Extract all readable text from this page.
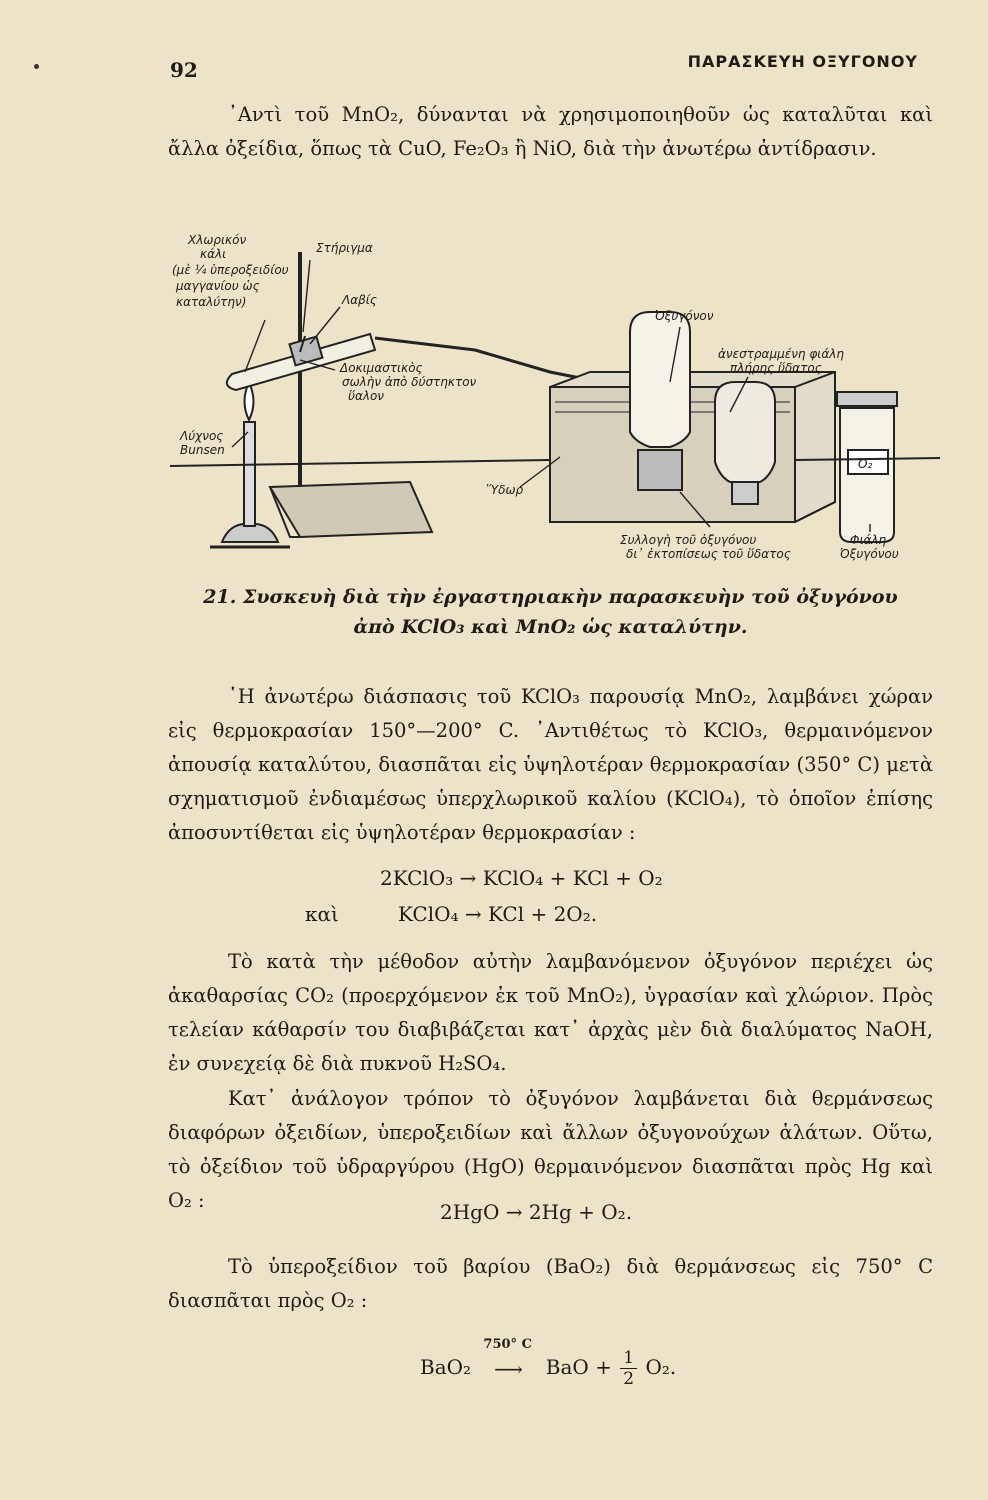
92	ΠΑΡΑΣΚΕΥΗ ΟΞΥΓΟΝΟΥ

᾿Αντὶ τοῦ MnO₂, δύνανται νὰ χρησιμοποιηθοῦν ὡς καταλῦται καὶ ἄλλα ὀξείδια, ὅπως τὰ CuO, Fe₂O₃ ἢ NiO, διὰ τὴν ἀνωτέρω ἀντίδρασιν.

Χλωρικόν
κάλι
(μὲ ¼ ὑπεροξειδίου
μαγγανίου ὡς
καταλύτην)
Στήριγμα
Λαβίς
Δοκιμαστικὸς
σωλὴν ἀπὸ δύστηκτον
ὕαλον
Λύχνος
Bunsen
Ὀξυγόνον
ἀνεστραμμένη φιάλη
πλήρης ὕδατος
Ὕδωρ
O₂
Συλλογὴ τοῦ ὀξυγόνου
δι᾿ ἐκτοπίσεως τοῦ ὕδατος
Φιάλη
Ὀξυγόνου
21. Συσκευὴ διὰ τὴν ἐργαστηριακὴν παρασκευὴν τοῦ ὀξυγόνου
ἀπὸ KClO₃ καὶ MnO₂ ὡς καταλύτην.

῾Η ἀνωτέρω διάσπασις τοῦ KClO₃ παρουσίᾳ MnO₂, λαμβάνει χώραν εἰς θερμοκρασίαν 150°—200° C. ᾿Αντιθέτως τὸ KClO₃, θερμαινόμενον ἀπουσίᾳ καταλύτου, διασπᾶται εἰς ὑψηλοτέραν θερμοκρασίαν (350° C) μετὰ σχηματισμοῦ ἐνδιαμέσως ὑπερχλωρικοῦ καλίου (KClO₄), τὸ ὁποῖον ἐπίσης ἀποσυντίθεται εἰς ὑψηλοτέραν θερμοκρασίαν :

2KClO₃ → KClO₄ + KCl + O₂
καὶ	KClO₄ → KCl + 2O₂.

Τὸ κατὰ τὴν μέθοδον αὐτὴν λαμβανόμενον ὀξυγόνον περιέχει ὡς ἀκαθαρσίας CO₂ (προερχόμενον ἐκ τοῦ MnO₂), ὑγρασίαν καὶ χλώριον. Πρὸς τελείαν κάθαρσίν του διαβιβάζεται κατ᾿ ἀρχὰς μὲν διὰ διαλύματος NaOH, ἐν συνεχείᾳ δὲ διὰ πυκνοῦ H₂SO₄.

Κατ᾿ ἀνάλογον τρόπον τὸ ὀξυγόνον λαμβάνεται διὰ θερμάνσεως διαφόρων ὀξειδίων, ὑπεροξειδίων καὶ ἄλλων ὀξυγονούχων ἁλάτων. Οὕτω, τὸ ὀξείδιον τοῦ ὑδραργύρου (HgO) θερμαινόμενον διασπᾶται πρὸς Hg καὶ O₂ :	2HgO → 2Hg + O₂.

Τὸ ὑπεροξείδιον τοῦ βαρίου (BaO₂) διὰ θερμάνσεως εἰς 750° C διασπᾶται πρὸς O₂ :

BaO₂
750° C
⟶ BaO + $\frac{1}{2} O_2$.
